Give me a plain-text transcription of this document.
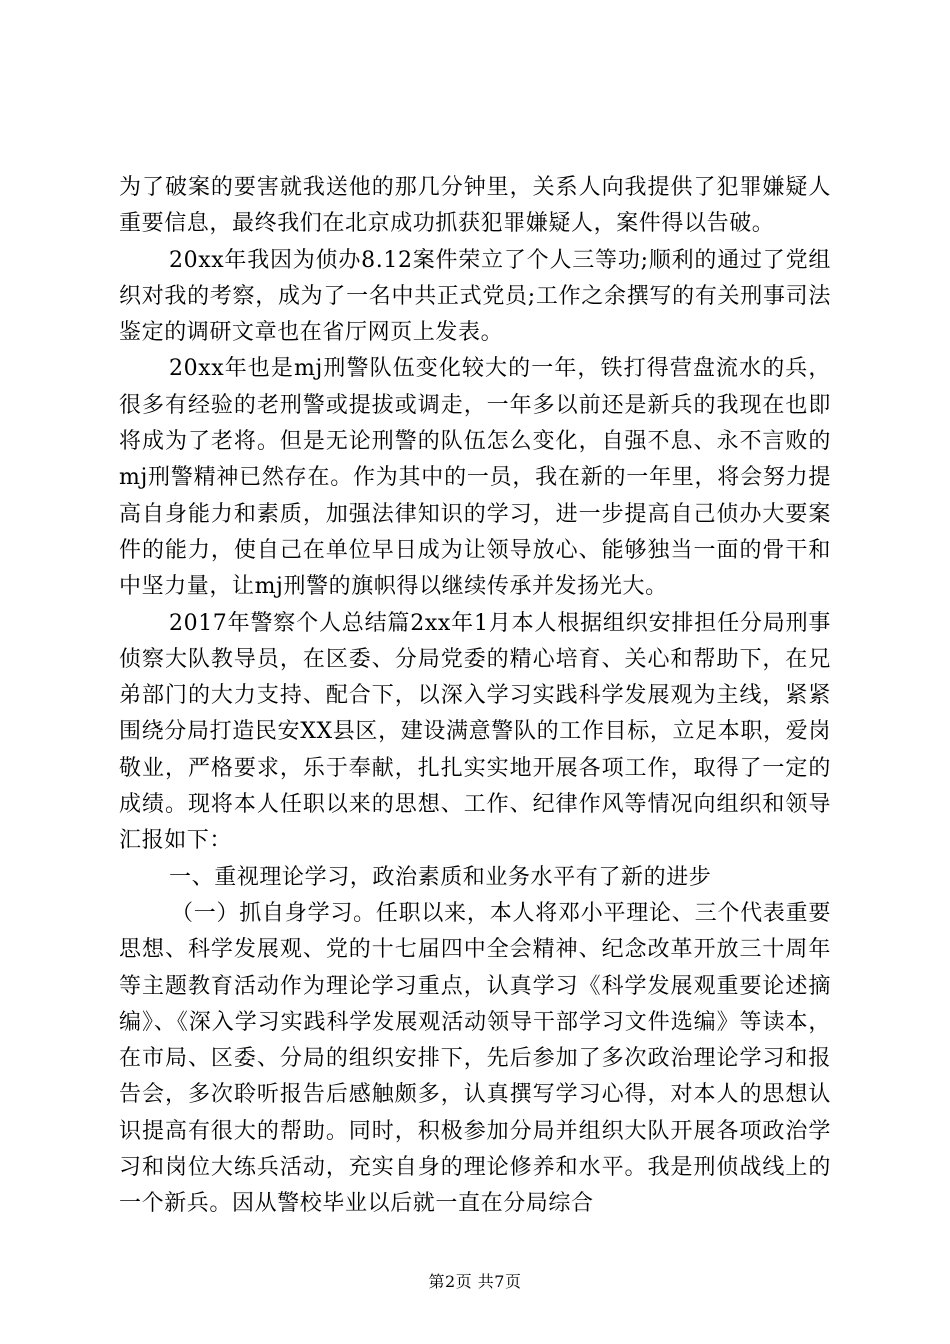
为了破案的要害就我送他的那几分钟里，关系人向我提供了犯罪嫌疑人重要信息，最终我们在北京成功抓获犯罪嫌疑人，案件得以告破。

20xx年我因为侦办8.12案件荣立了个人三等功;顺利的通过了党组织对我的考察，成为了一名中共正式党员;工作之余撰写的有关刑事司法鉴定的调研文章也在省厅网页上发表。

20xx年也是mj刑警队伍变化较大的一年，铁打得营盘流水的兵，很多有经验的老刑警或提拔或调走，一年多以前还是新兵的我现在也即将成为了老将。但是无论刑警的队伍怎么变化，自强不息、永不言败的mj刑警精神已然存在。作为其中的一员，我在新的一年里，将会努力提高自身能力和素质，加强法律知识的学习，进一步提高自己侦办大要案件的能力，使自己在单位早日成为让领导放心、能够独当一面的骨干和中坚力量，让mj刑警的旗帜得以继续传承并发扬光大。

2017年警察个人总结篇2xx年1月本人根据组织安排担任分局刑事侦察大队教导员，在区委、分局党委的精心培育、关心和帮助下，在兄弟部门的大力支持、配合下，以深入学习实践科学发展观为主线，紧紧围绕分局打造民安XX县区，建设满意警队的工作目标，立足本职，爱岗敬业，严格要求，乐于奉献，扎扎实实地开展各项工作，取得了一定的成绩。现将本人任职以来的思想、工作、纪律作风等情况向组织和领导汇报如下：

一、重视理论学习，政治素质和业务水平有了新的进步

（一）抓自身学习。任职以来，本人将邓小平理论、三个代表重要思想、科学发展观、党的十七届四中全会精神、纪念改革开放三十周年等主题教育活动作为理论学习重点，认真学习《科学发展观重要论述摘编》、《深入学习实践科学发展观活动领导干部学习文件选编》等读本，在市局、区委、分局的组织安排下，先后参加了多次政治理论学习和报告会，多次聆听报告后感触颇多，认真撰写学习心得，对本人的思想认识提高有很大的帮助。同时，积极参加分局并组织大队开展各项政治学习和岗位大练兵活动，充实自身的理论修养和水平。我是刑侦战线上的一个新兵。因从警校毕业以后就一直在分局综合

第2页 共7页
